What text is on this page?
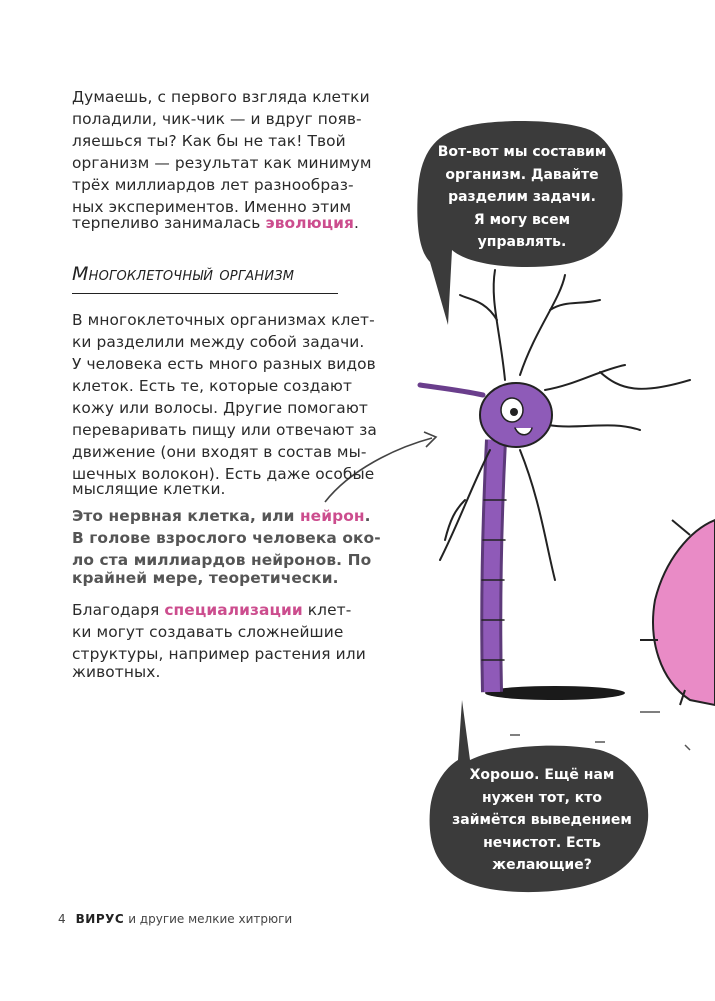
Думаешь, с первого взгляда клетки
поладили, чик-чик — и вдруг появ-
ляешься ты? Как бы не так! Твой
организм — результат как минимум
трёх миллиардов лет разнообраз-
ных экспериментов. Именно этим
терпеливо занималась эволюция.
Многоклеточный организм
В многоклеточных организмах клет-
ки разделили между собой задачи.
У человека есть много разных видов
клеток. Есть те, которые создают
кожу или волосы. Другие помогают
переваривать пищу или отвечают за
движение (они входят в состав мы-
шечных волокон). Есть даже особые
мыслящие клетки.
Это нервная клетка, или нейрон.
В голове взрослого человека око-
ло ста миллиардов нейронов. По
крайней мере, теоретически.
Благодаря специализации клет-
ки могут создавать сложнейшие
структуры, например растения или
животных.
Вот-вот мы составим
организм. Давайте
разделим задачи.
Я могу всем
управлять.
Хорошо. Ещё нам
нужен тот, кто
займётся выведением
нечистот. Есть
желающие?
4 ВИРУС и другие мелкие хитрюги
